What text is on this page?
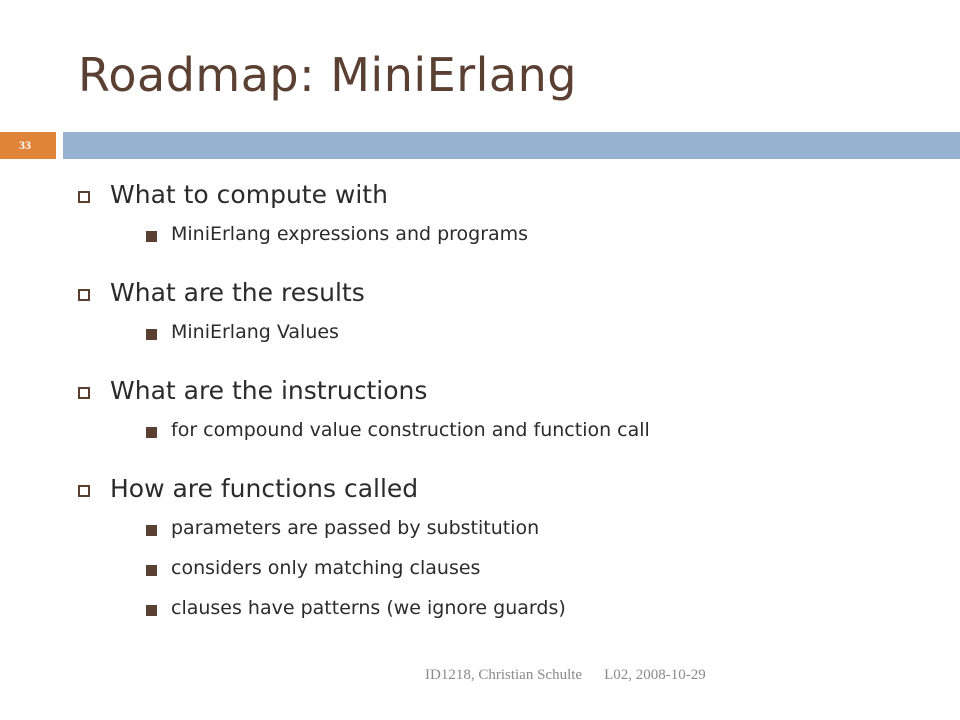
Roadmap: MiniErlang
33
What to compute with
MiniErlang expressions and programs
What are the results
MiniErlang Values
What are the instructions
for compound value construction and function call
How are functions called
parameters are passed by substitution
considers only matching clauses
clauses have patterns (we ignore guards)
ID1218, Christian Schulte L02, 2008-10-29
